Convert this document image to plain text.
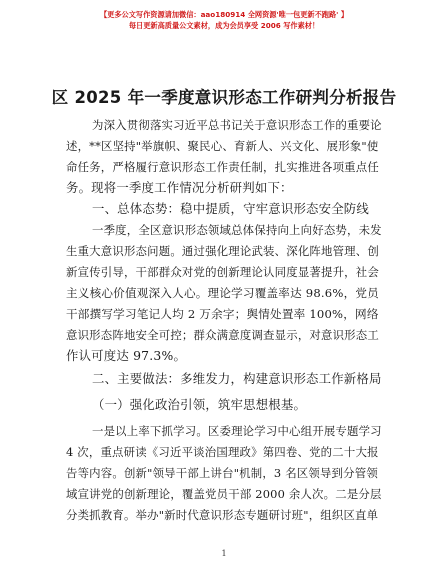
【更多公文写作资源请加微信：aao180914 全网资源'唯一包更新不跑路' 】
每日更新高质量公文素材，成为会员享受 2006 写作素材！
区 2025 年一季度意识形态工作研判分析报告
为深入贯彻落实习近平总书记关于意识形态工作的重要论
述，**区坚持"举旗帜、聚民心、育新人、兴文化、展形象"使
命任务，严格履行意识形态工作责任制，扎实推进各项重点任
务。现将一季度工作情况分析研判如下：
一、总体态势：稳中提质，守牢意识形态安全防线
一季度，全区意识形态领域总体保持向上向好态势，未发
生重大意识形态问题。通过强化理论武装、深化阵地管理、创
新宣传引导，干部群众对党的创新理论认同度显著提升，社会
主义核心价值观深入人心。理论学习覆盖率达 98.6%，党员
干部撰写学习笔记人均 2 万余字；舆情处置率 100%，网络
意识形态阵地安全可控；群众满意度调查显示，对意识形态工
作认可度达 97.3%。
二、主要做法：多维发力，构建意识形态工作新格局
（一）强化政治引领，筑牢思想根基。
一是以上率下抓学习。区委理论学习中心组开展专题学习
4 次，重点研读《习近平谈治国理政》第四卷、党的二十大报
告等内容。创新"领导干部上讲台"机制，3 名区领导到分管领
域宣讲党的创新理论，覆盖党员干部 2000 余人次。二是分层
分类抓教育。举办"新时代意识形态专题研讨班"，组织区直单
1
